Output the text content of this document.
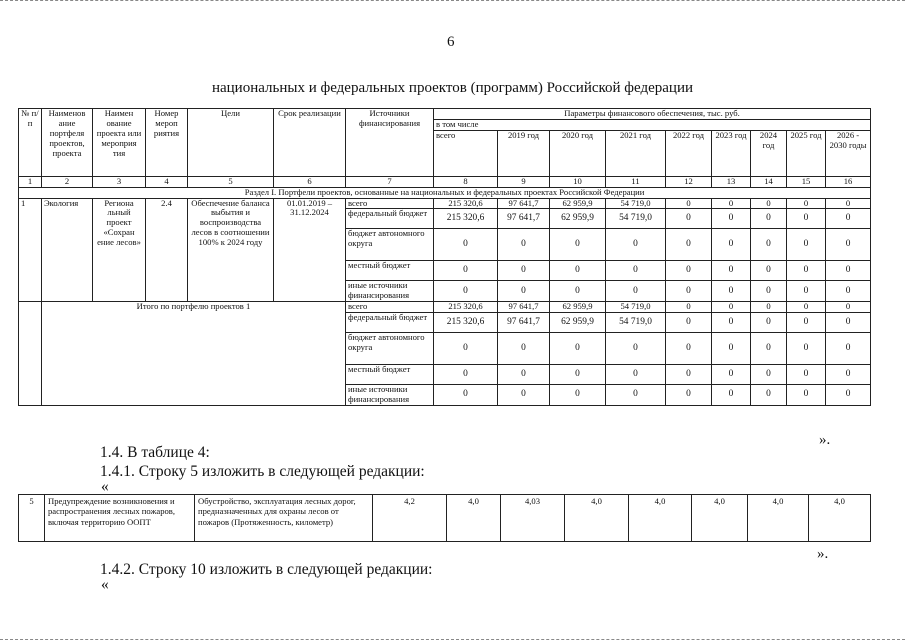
6
национальных и федеральных проектов (программ) Российской федерации
№ п/ п	Наименов ание портфеля проектов, проекта	Наимен ование проекта или мероприя тия	Номер мероп риятия	Цели	Срок реализации	Источники финансирования	Параметры финансового обеспечения, тыс. руб.								
							в том числе								
							всего	2019 год	2020 год	2021 год	2022 год	2023 год	2024 год	2025 год	2026 - 2030 годы
1	2	3	4	5	6	7	8	9	10	11	12	13	14	15	16
Раздел I. Портфели проектов, основанные на национальных и федеральных проектах Российской Федерации															
1	Экология	Региона льный проект «Сохран ение лесов»	2.4	Обеспечение баланса выбытия и воспроизводства лесов в соотношении 100% к 2024 году	01.01.2019 – 31.12.2024	всего	215 320,6	97 641,7	62 959,9	54 719,0	0	0	0	0	0
						федеральный бюджет	215 320,6	97 641,7	62 959,9	54 719,0	0	0	0	0	0
						бюджет автономного округа	0	0	0	0	0	0	0	0	0
						местный бюджет	0	0	0	0	0	0	0	0	0
						иные источники финансирования	0	0	0	0	0	0	0	0	0
	Итого по портфелю проектов 1					всего	215 320,6	97 641,7	62 959,9	54 719,0	0	0	0	0	0
						федеральный бюджет	215 320,6	97 641,7	62 959,9	54 719,0	0	0	0	0	0
						бюджет автономного округа	0	0	0	0	0	0	0	0	0
						местный бюджет	0	0	0	0	0	0	0	0	0
						иные источники финансирования	0	0	0	0	0	0	0	0	0
».
1.4. В таблице 4:
1.4.1. Строку 5 изложить в следующей редакции:
«
5	Предупреждение возникновения и распространения лесных пожаров, включая территорию ООПТ	Обустройство, эксплуатация лесных дорог, предназначенных для охраны лесов от пожаров (Протяженность, километр)	4,2	4,0	4,03	4,0	4,0	4,0	4,0	4,0
».
1.4.2. Строку 10 изложить в следующей редакции:
«
